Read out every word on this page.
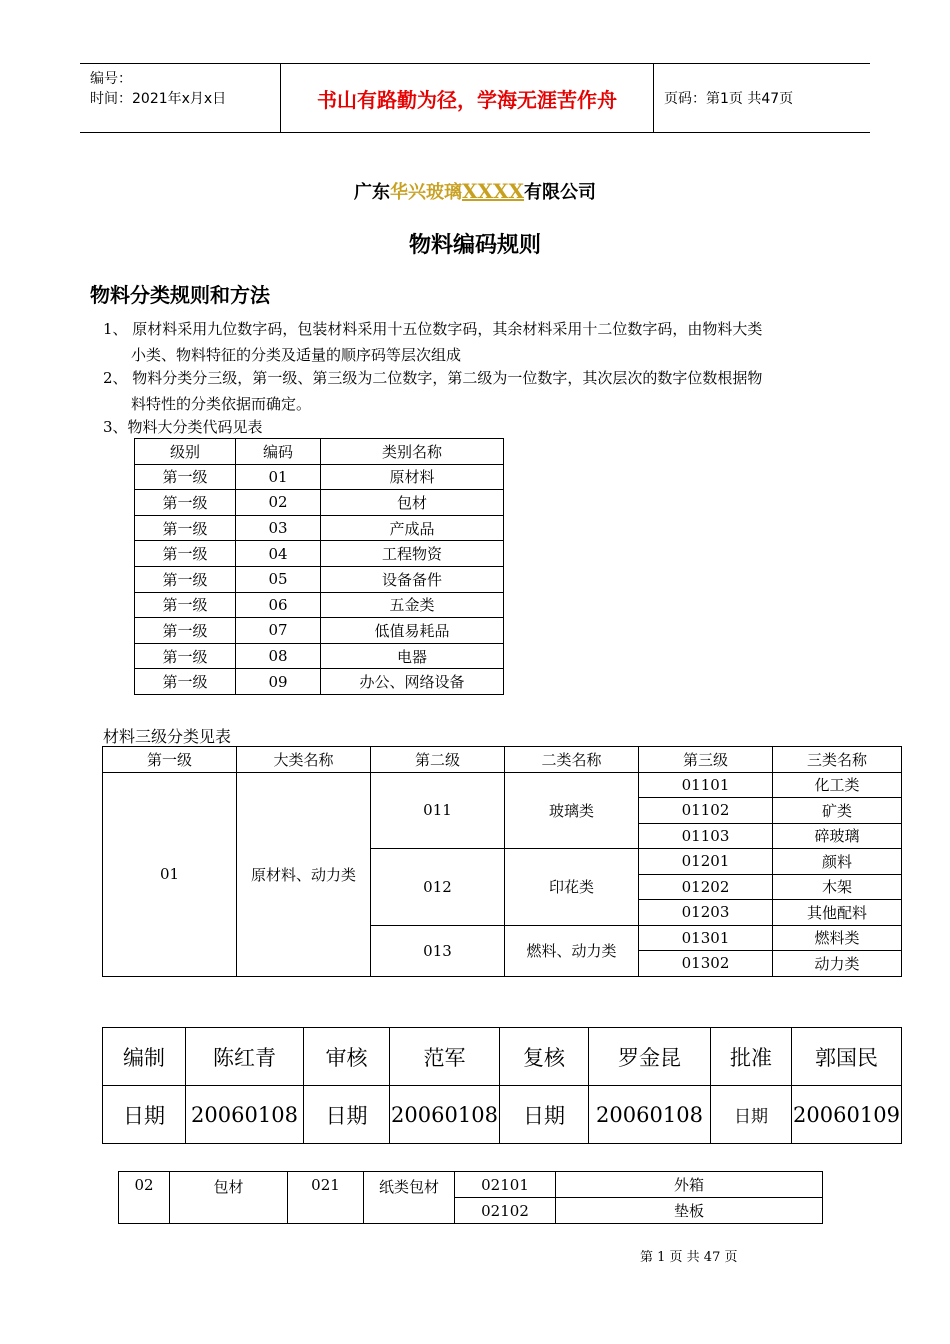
编号：
时间：2021年x月x日	书山有路勤为径，学海无涯苦作舟	页码：第1页 共47页
广东华兴玻璃XXXX有限公司
物料编码规则
物料分类规则和方法
1、 原材料采用九位数字码，包装材料采用十五位数字码，其余材料采用十二位数字码，由物料大类
小类、物料特征的分类及适量的顺序码等层次组成
2、 物料分类分三级，第一级、第三级为二位数字，第二级为一位数字，其次层次的数字位数根据物
料特性的分类依据而确定。
3、物料大分类代码见表
级别	编码	类别名称
第一级	01	原材料
第一级	02	包材
第一级	03	产成品
第一级	04	工程物资
第一级	05	设备备件
第一级	06	五金类
第一级	07	低值易耗品
第一级	08	电器
第一级	09	办公、网络设备
材料三级分类见表
第一级	大类名称	第二级	二类名称	第三级	三类名称
01	原材料、动力类	011	玻璃类	01101	化工类
				01102	矿类
				01103	碎玻璃
		012	印花类	01201	颜料
				01202	木架
				01203	其他配料
		013	燃料、动力类	01301	燃料类
				01302	动力类
编制	陈红青	审核	范军	复核	罗金昆	批准	郭国民
日期	20060108	日期	20060108	日期	20060108	日期	20060109
02	包材	021	纸类包材	02101	外箱
				02102	垫板
第 1 页 共 47 页
